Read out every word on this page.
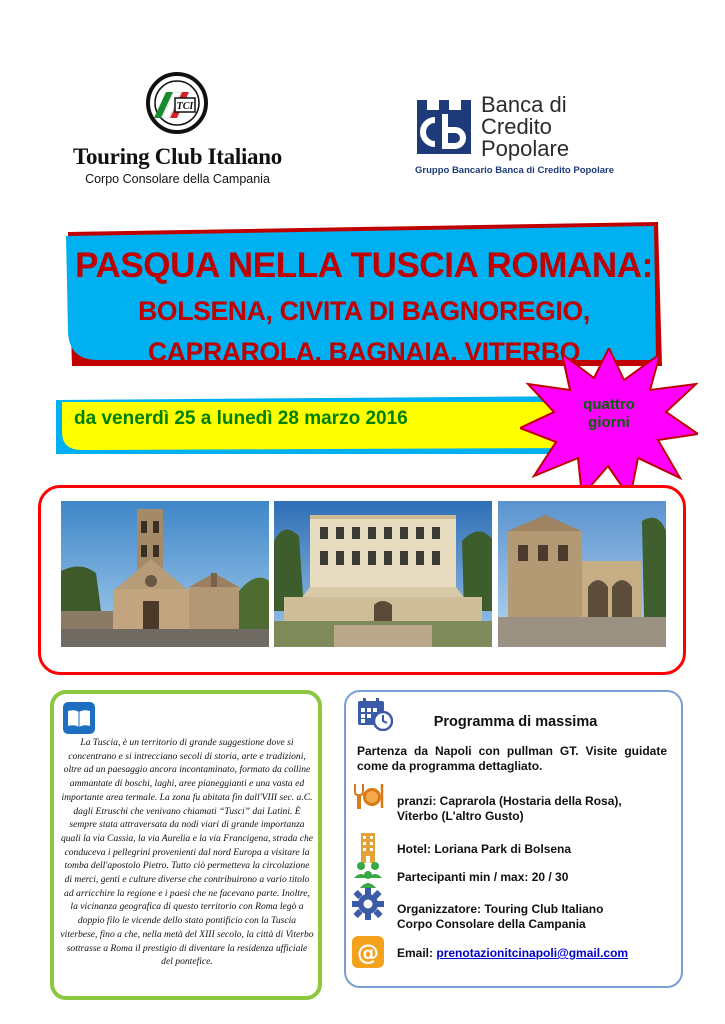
TCI
Touring Club Italiano
Corpo Consolare della Campania
Banca di
Credito
Popolare
Gruppo Bancario Banca di Credito Popolare
PASQUA NELLA TUSCIA ROMANA:
BOLSENA, CIVITA DI BAGNOREGIO,
CAPRAROLA, BAGNAIA, VITERBO
da venerdì 25 a lunedì 28 marzo 2016
quattro
giorni
La Tuscia, è un territorio di grande suggestione dove si concentrano e si intrecciano secoli di storia, arte e tradizioni, oltre ad un paesaggio ancora incontaminato, formato da colline ammantate di boschi, laghi, aree pianeggianti e una vasta ed importante area termale. La zona fu abitata fin dall'VIII sec. a.C. dagli Etruschi che venivano chiamati “Tusci” dai Latini. È sempre stata attraversata da nodi viari di grande importanza quali la via Cassia, la via Aurelia e la via Francigena, strada che conduceva i pellegrini provenienti dal nord Europa a visitare la tomba dell'apostolo Pietro. Tutto ciò permetteva la circolazione di merci, genti e culture diverse che contribuirono a vario titolo ad arricchire la regione e i paesi che ne facevano parte. Inoltre, la vicinanza geografica di questo territorio con Roma legò a doppio filo le vicende dello stato pontificio con la Tuscia viterbese, fino a che, nella metà del XIII secolo, la città di Viterbo sottrasse a Roma il prestigio di diventare la residenza ufficiale del pontefice.
Programma di massima
Partenza da Napoli con pullman GT. Visite guidate come da programma dettagliato.
pranzi: Caprarola (Hostaria della Rosa),
Viterbo (L'altro Gusto)
Hotel: Loriana Park di Bolsena
Partecipanti min / max: 20 / 30
Organizzatore: Touring Club Italiano
Corpo Consolare della Campania
@ Email: prenotazionitcinapoli@gmail.com
